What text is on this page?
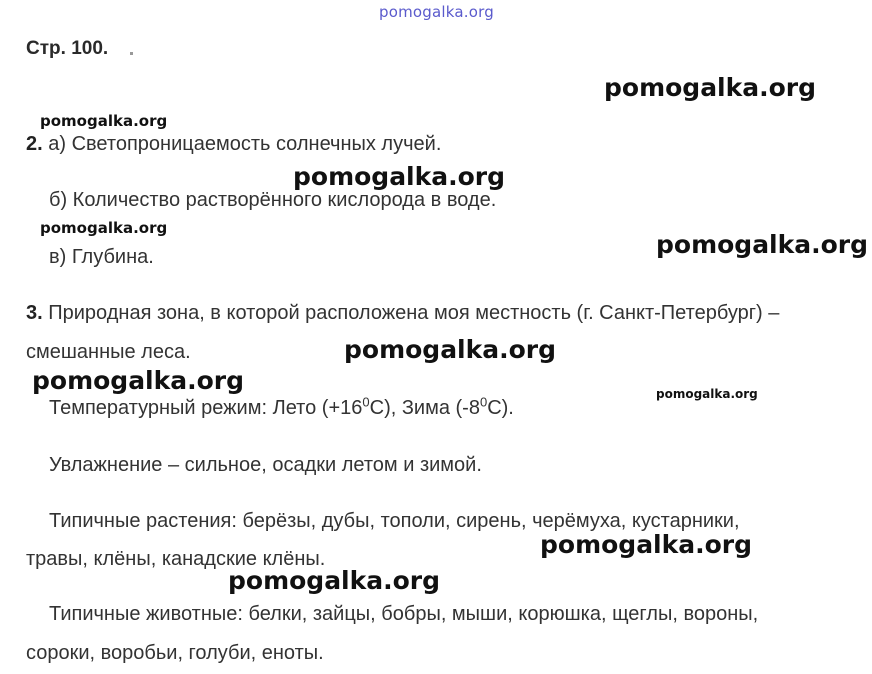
pomogalka.org
Стр. 100.
2. а) Светопроницаемость солнечных лучей.
б) Количество растворённого кислорода в воде.
в) Глубина.
3. Природная зона, в которой расположена моя местность (г. Санкт-Петербург) –
смешанные леса.
Температурный режим: Лето $(+16^0С)$, Зима $(-8^0С)$.
Увлажнение – сильное, осадки летом и зимой.
Типичные растения: берёзы, дубы, тополи, сирень, черёмуха, кустарники,
травы, клёны, канадские клёны.
Типичные животные: белки, зайцы, бобры, мыши, корюшка, щеглы, вороны,
сороки, воробьи, голуби, еноты.
pomogalka.org
pomogalka.org
pomogalka.org
pomogalka.org
pomogalka.org
pomogalka.org
pomogalka.org	pomogalka.org
pomogalka.org
pomogalka.org
